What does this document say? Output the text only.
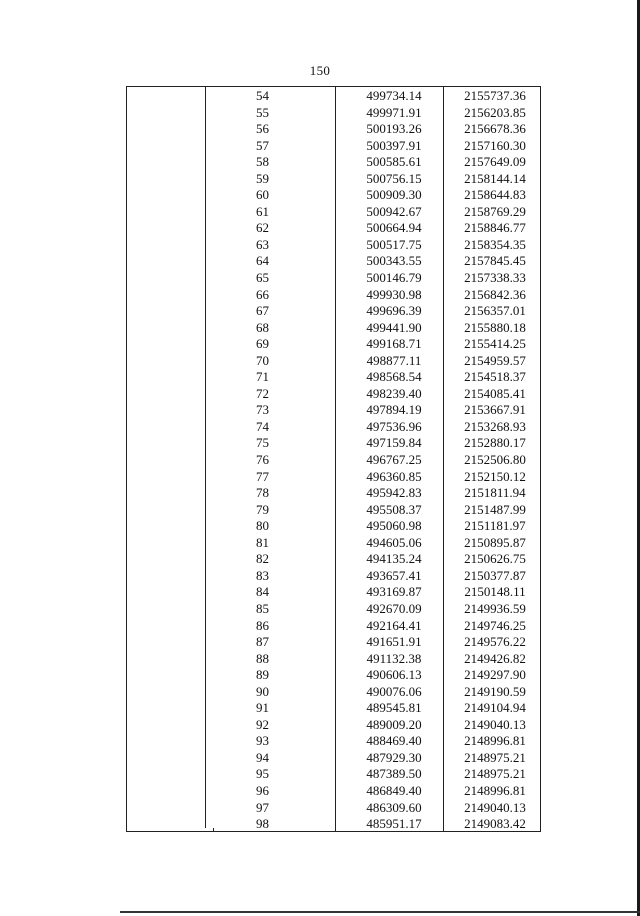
150
54	499734.14	2155737.36
55	499971.91	2156203.85
56	500193.26	2156678.36
57	500397.91	2157160.30
58	500585.61	2157649.09
59	500756.15	2158144.14
60	500909.30	2158644.83
61	500942.67	2158769.29
62	500664.94	2158846.77
63	500517.75	2158354.35
64	500343.55	2157845.45
65	500146.79	2157338.33
66	499930.98	2156842.36
67	499696.39	2156357.01
68	499441.90	2155880.18
69	499168.71	2155414.25
70	498877.11	2154959.57
71	498568.54	2154518.37
72	498239.40	2154085.41
73	497894.19	2153667.91
74	497536.96	2153268.93
75	497159.84	2152880.17
76	496767.25	2152506.80
77	496360.85	2152150.12
78	495942.83	2151811.94
79	495508.37	2151487.99
80	495060.98	2151181.97
81	494605.06	2150895.87
82	494135.24	2150626.75
83	493657.41	2150377.87
84	493169.87	2150148.11
85	492670.09	2149936.59
86	492164.41	2149746.25
87	491651.91	2149576.22
88	491132.38	2149426.82
89	490606.13	2149297.90
90	490076.06	2149190.59
91	489545.81	2149104.94
92	489009.20	2149040.13
93	488469.40	2148996.81
94	487929.30	2148975.21
95	487389.50	2148975.21
96	486849.40	2148996.81
97	486309.60	2149040.13
98	485951.17	2149083.42
